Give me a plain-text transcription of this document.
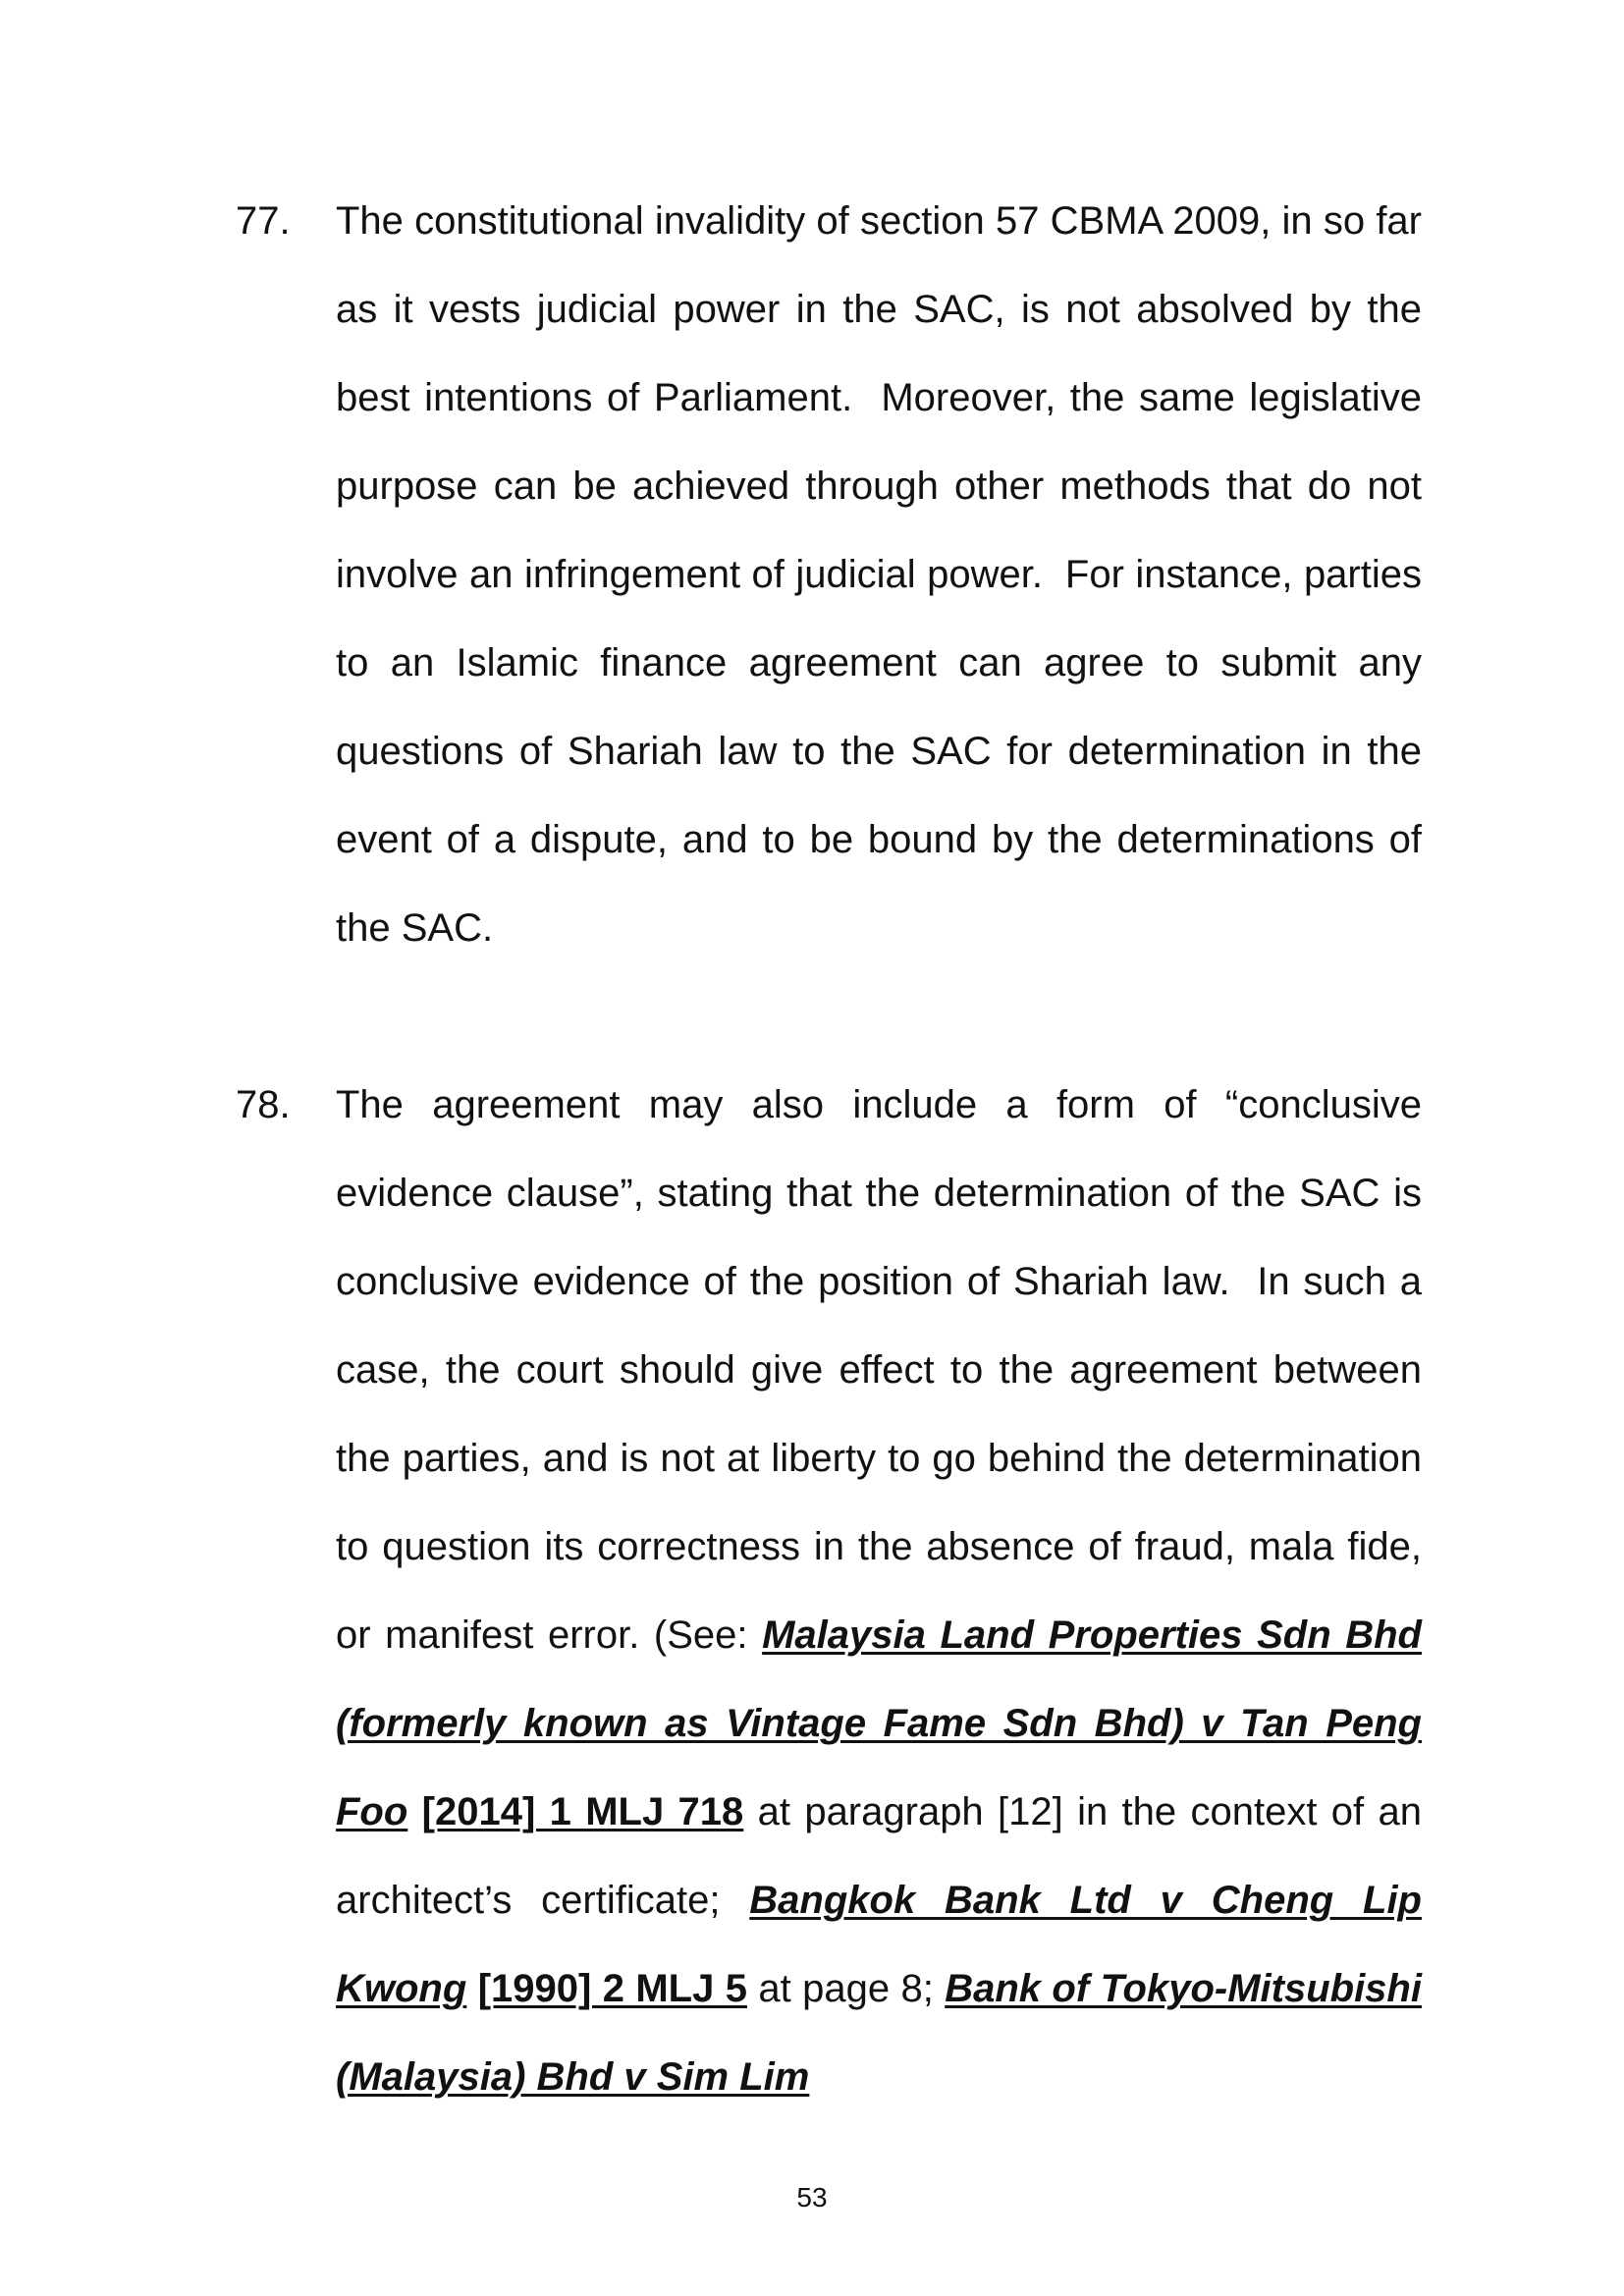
77.	The constitutional invalidity of section 57 CBMA 2009, in so far as it vests judicial power in the SAC, is not absolved by the best intentions of Parliament.  Moreover, the same legislative purpose can be achieved through other methods that do not involve an infringement of judicial power.  For instance, parties to an Islamic finance agreement can agree to submit any questions of Shariah law to the SAC for determination in the event of a dispute, and to be bound by the determinations of the SAC.
78.	The agreement may also include a form of “conclusive evidence clause”, stating that the determination of the SAC is conclusive evidence of the position of Shariah law.  In such a case, the court should give effect to the agreement between the parties, and is not at liberty to go behind the determination to question its correctness in the absence of fraud, mala fide, or manifest error. (See: Malaysia Land Properties Sdn Bhd (formerly known as Vintage Fame Sdn Bhd) v Tan Peng Foo [2014] 1 MLJ 718 at paragraph [12] in the context of an architect’s certificate; Bangkok Bank Ltd v Cheng Lip Kwong [1990] 2 MLJ 5 at page 8; Bank of Tokyo-Mitsubishi (Malaysia) Bhd v Sim Lim
53
